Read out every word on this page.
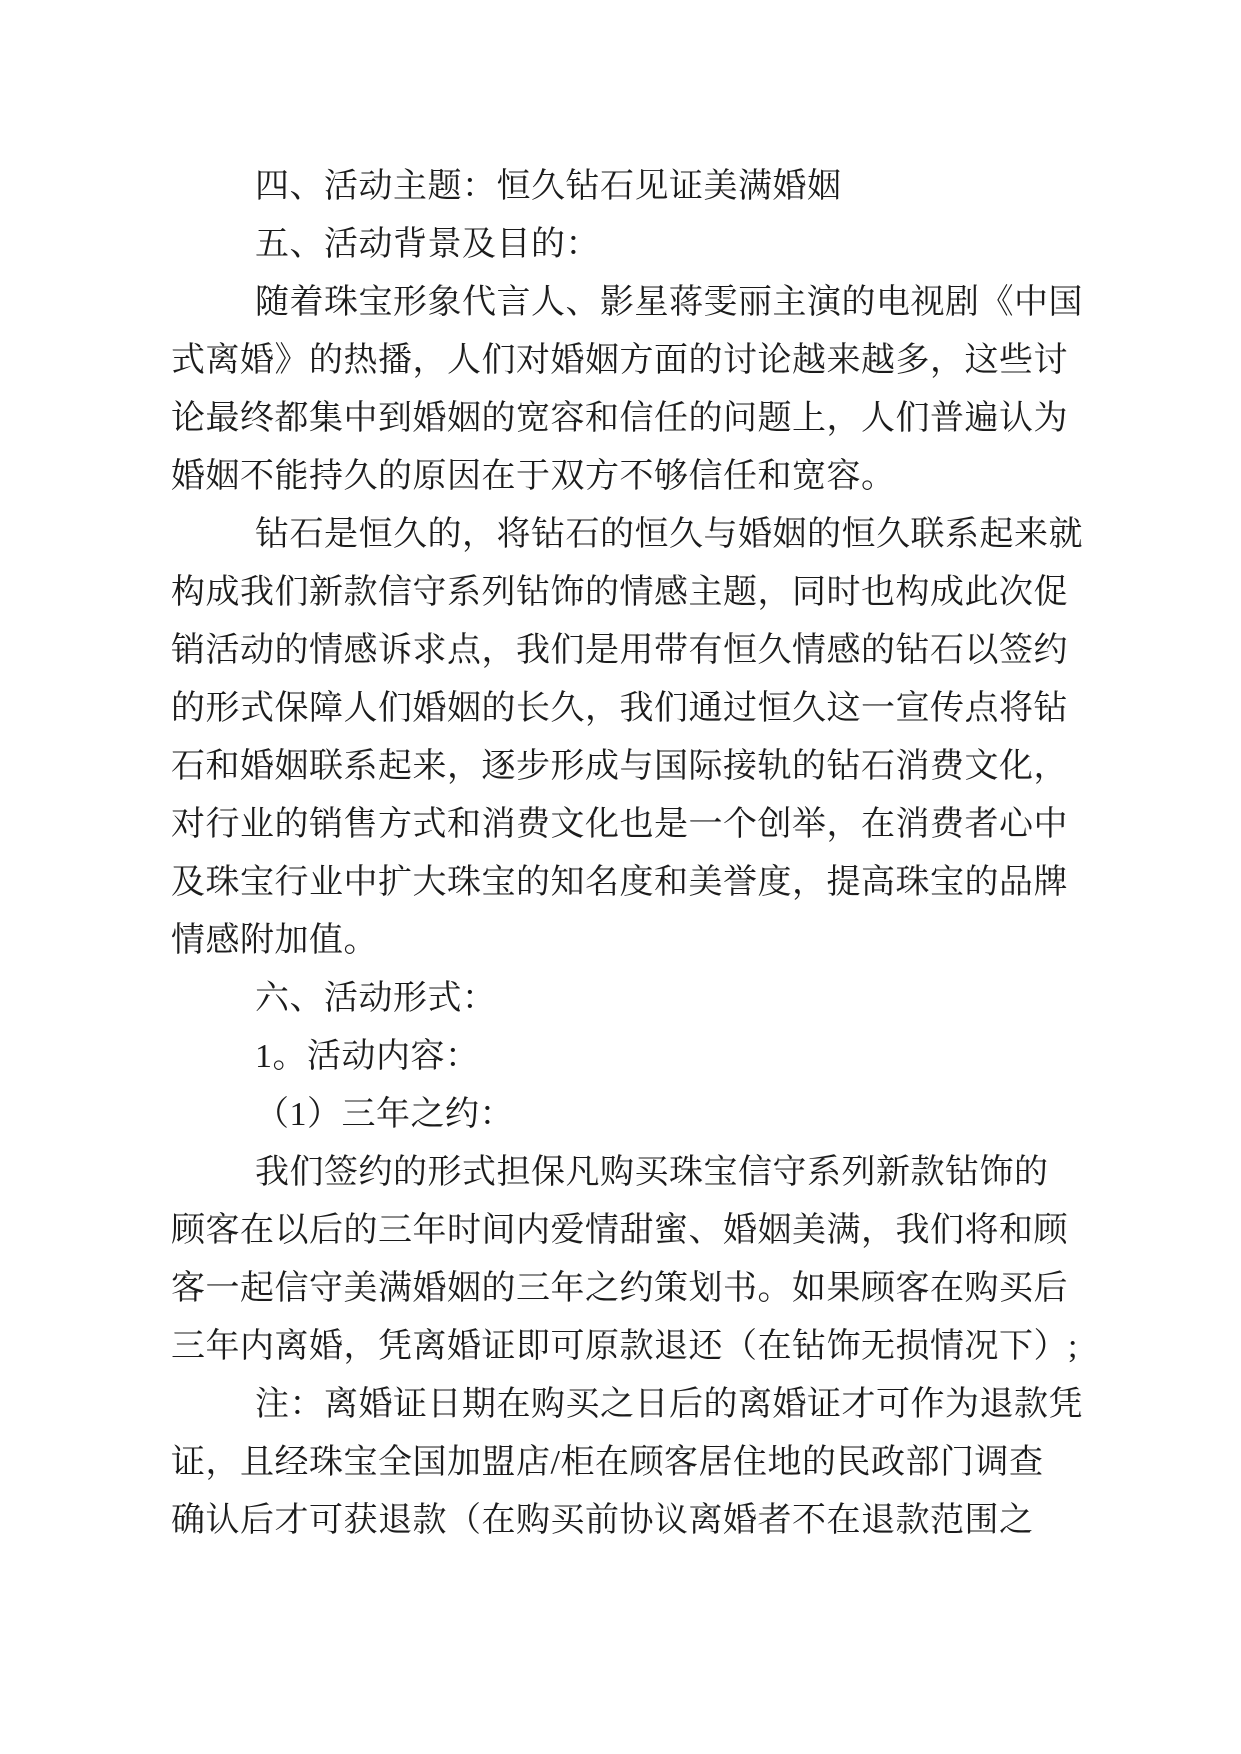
四、活动主题：恒久钻石见证美满婚姻
五、活动背景及目的：
随着珠宝形象代言人、影星蒋雯丽主演的电视剧《中国
式离婚》的热播，人们对婚姻方面的讨论越来越多，这些讨
论最终都集中到婚姻的宽容和信任的问题上，人们普遍认为
婚姻不能持久的原因在于双方不够信任和宽容。
钻石是恒久的，将钻石的恒久与婚姻的恒久联系起来就
构成我们新款信守系列钻饰的情感主题，同时也构成此次促
销活动的情感诉求点，我们是用带有恒久情感的钻石以签约
的形式保障人们婚姻的长久，我们通过恒久这一宣传点将钻
石和婚姻联系起来，逐步形成与国际接轨的钻石消费文化，
对行业的销售方式和消费文化也是一个创举，在消费者心中
及珠宝行业中扩大珠宝的知名度和美誉度，提高珠宝的品牌
情感附加值。
六、活动形式：
1。活动内容：
（1）三年之约：
我们签约的形式担保凡购买珠宝信守系列新款钻饰的
顾客在以后的三年时间内爱情甜蜜、婚姻美满，我们将和顾
客一起信守美满婚姻的三年之约策划书。如果顾客在购买后
三年内离婚，凭离婚证即可原款退还（在钻饰无损情况下）;
注：离婚证日期在购买之日后的离婚证才可作为退款凭
证，且经珠宝全国加盟店/柜在顾客居住地的民政部门调查
确认后才可获退款（在购买前协议离婚者不在退款范围之
